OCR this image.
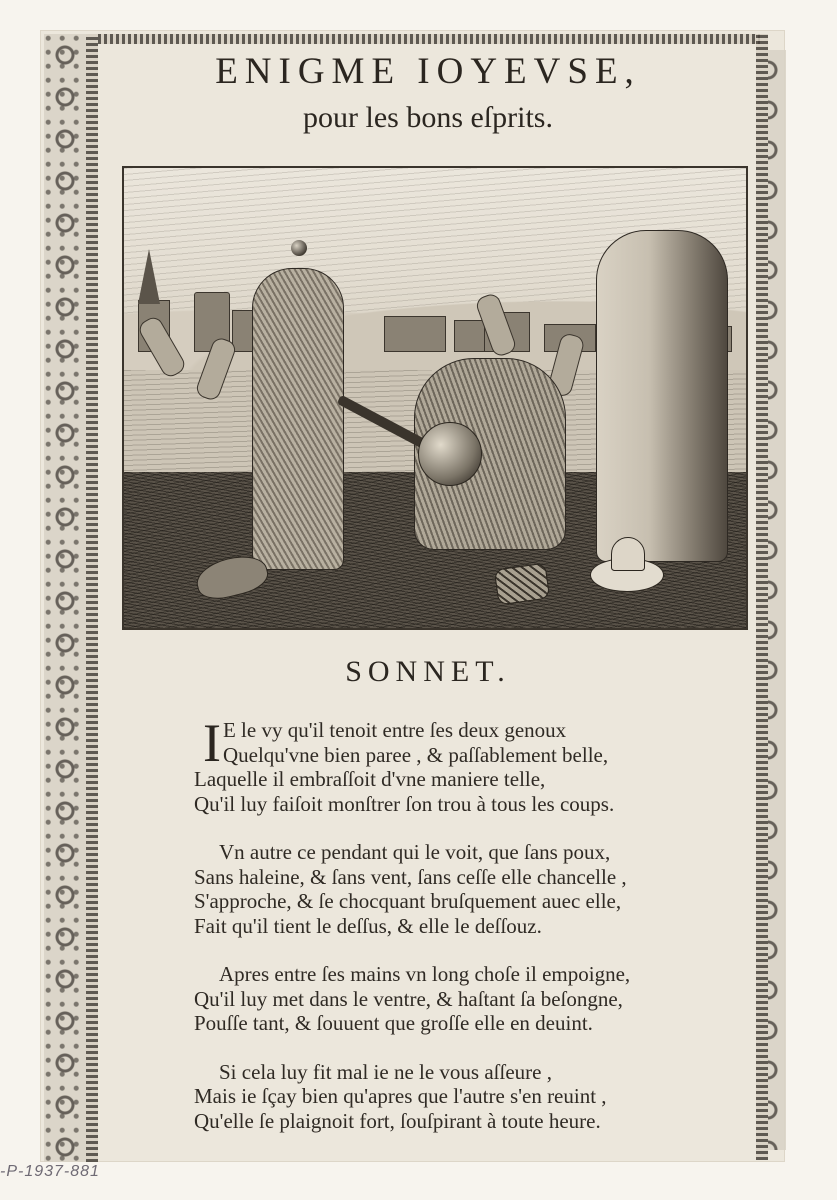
ENIGME IOYEVSE,
pour les bons eſprits.
SONNET.
I E le vy qu'il tenoit entre ſes deux genoux
Quelqu'vne bien paree , & paſſablement belle,
Laquelle il embraſſoit d'vne maniere telle,
Qu'il luy faiſoit monſtrer ſon trou à tous les coups.
Vn autre ce pendant qui le voit, que ſans poux,
Sans haleine, & ſans vent, ſans ceſſe elle chancelle ,
S'approche, & ſe chocquant bruſquement auec elle,
Fait qu'il tient le deſſus, & elle le deſſouz.
Apres entre ſes mains vn long choſe il empoigne,
Qu'il luy met dans le ventre, & haſtant ſa beſongne,
Pouſſe tant, & ſouuent que groſſe elle en deuint.
Si cela luy fit mal ie ne le vous aſſeure ,
Mais ie ſçay bien qu'apres que l'autre s'en reuint ,
Qu'elle ſe plaignoit fort, ſouſpirant à toute heure.
-P-1937-881
